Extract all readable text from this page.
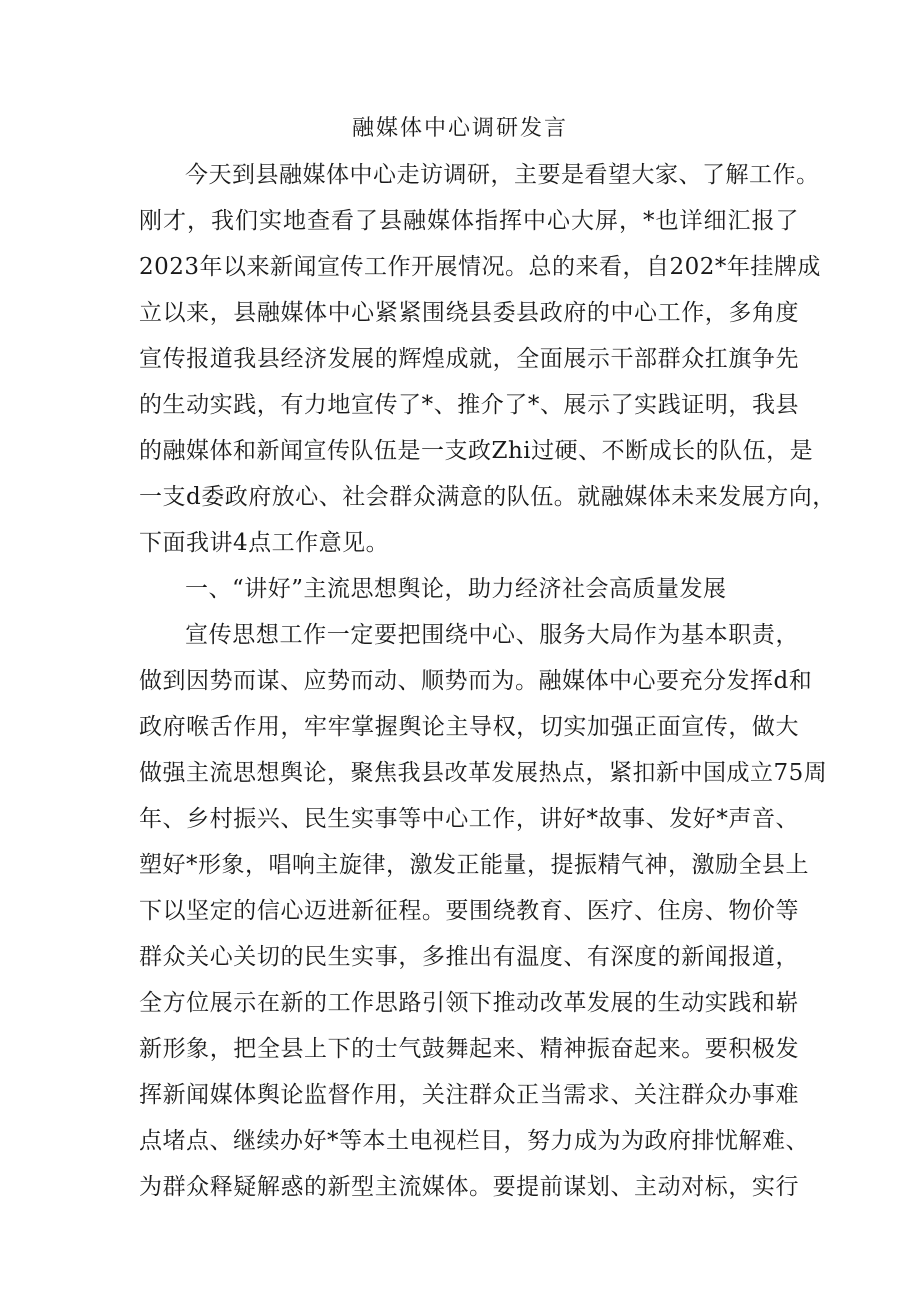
融媒体中心调研发言
今天到县融媒体中心走访调研，主要是看望大家、了解工作。
刚才，我们实地查看了县融媒体指挥中心大屏，*也详细汇报了
2023年以来新闻宣传工作开展情况。总的来看，自202*年挂牌成
立以来，县融媒体中心紧紧围绕县委县政府的中心工作，多角度
宣传报道我县经济发展的辉煌成就，全面展示干部群众扛旗争先
的生动实践，有力地宣传了*、推介了*、展示了实践证明，我县
的融媒体和新闻宣传队伍是一支政Zhi过硬、不断成长的队伍，是
一支d委政府放心、社会群众满意的队伍。就融媒体未来发展方向，
下面我讲4点工作意见。
一、“讲好”主流思想舆论，助力经济社会高质量发展
宣传思想工作一定要把围绕中心、服务大局作为基本职责，
做到因势而谋、应势而动、顺势而为。融媒体中心要充分发挥d和
政府喉舌作用，牢牢掌握舆论主导权，切实加强正面宣传，做大
做强主流思想舆论，聚焦我县改革发展热点，紧扣新中国成立75周
年、乡村振兴、民生实事等中心工作，讲好*故事、发好*声音、
塑好*形象，唱响主旋律，激发正能量，提振精气神，激励全县上
下以坚定的信心迈进新征程。要围绕教育、医疗、住房、物价等
群众关心关切的民生实事，多推出有温度、有深度的新闻报道，
全方位展示在新的工作思路引领下推动改革发展的生动实践和崭
新形象，把全县上下的士气鼓舞起来、精神振奋起来。要积极发
挥新闻媒体舆论监督作用，关注群众正当需求、关注群众办事难
点堵点、继续办好*等本土电视栏目，努力成为为政府排忧解难、
为群众释疑解惑的新型主流媒体。要提前谋划、主动对标，实行
